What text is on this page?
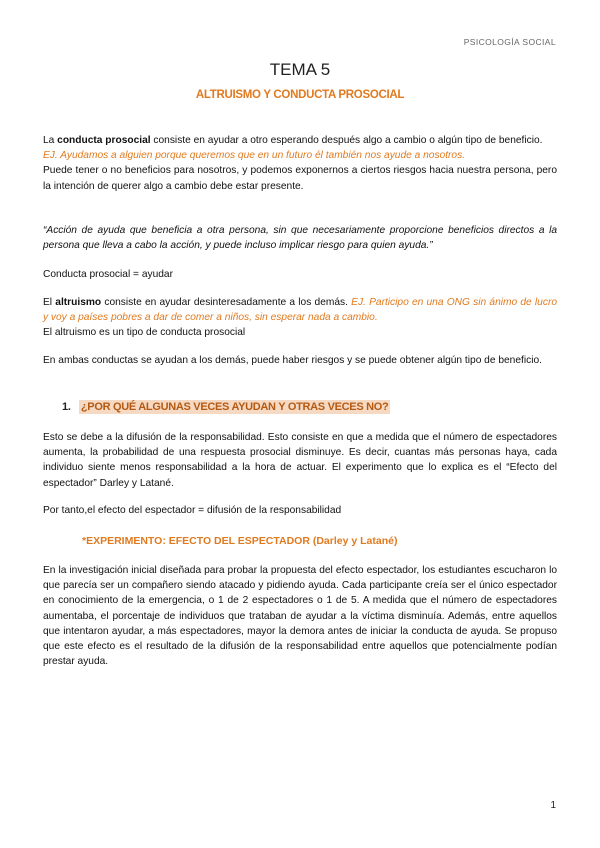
PSICOLOGÍA SOCIAL
TEMA 5
ALTRUISMO Y CONDUCTA PROSOCIAL

La conducta prosocial consiste en ayudar a otro esperando después algo a cambio o algún tipo de beneficio.

EJ. Ayudamos a alguien porque queremos que en un futuro él también nos ayude a nosotros.

Puede tener o no beneficios para nosotros, y podemos exponernos a ciertos riesgos hacia nuestra persona, pero la intención de querer algo a cambio debe estar presente.

“Acción de ayuda que beneficia a otra persona, sin que necesariamente proporcione beneficios directos a la persona que lleva a cabo la acción, y puede incluso implicar riesgo para quien ayuda.”
Conducta prosocial = ayudar

El altruismo consiste en ayudar desinteresadamente a los demás. EJ. Participo en una ONG sin ánimo de lucro y voy a países pobres a dar de comer a niños, sin esperar nada a cambio.

El altruismo es un tipo de conducta prosocial

En ambas conductas se ayudan a los demás, puede haber riesgos y se puede obtener algún tipo de beneficio.
1. ¿POR QUÉ ALGUNAS VECES AYUDAN Y OTRAS VECES NO?
Esto se debe a la difusión de la responsabilidad. Esto consiste en que a medida que el número de espectadores aumenta, la probabilidad de una respuesta prosocial disminuye. Es decir, cuantas más personas haya, cada individuo siente menos responsabilidad a la hora de actuar. El experimento que lo explica es el “Efecto del espectador” Darley y Latané.
Por tanto,el efecto del espectador = difusión de la responsabilidad
*EXPERIMENTO: EFECTO DEL ESPECTADOR (Darley y Latané)
En la investigación inicial diseñada para probar la propuesta del efecto espectador, los estudiantes escucharon lo que parecía ser un compañero siendo atacado y pidiendo ayuda. Cada participante creía ser el único espectador en conocimiento de la emergencia, o 1 de 2 espectadores o 1 de 5. A medida que el número de espectadores aumentaba, el porcentaje de individuos que trataban de ayudar a la víctima disminuía. Además, entre aquellos que intentaron ayudar, a más espectadores, mayor la demora antes de iniciar la conducta de ayuda. Se propuso que este efecto es el resultado de la difusión de la responsabilidad entre aquellos que potencialmente podían prestar ayuda.
1
